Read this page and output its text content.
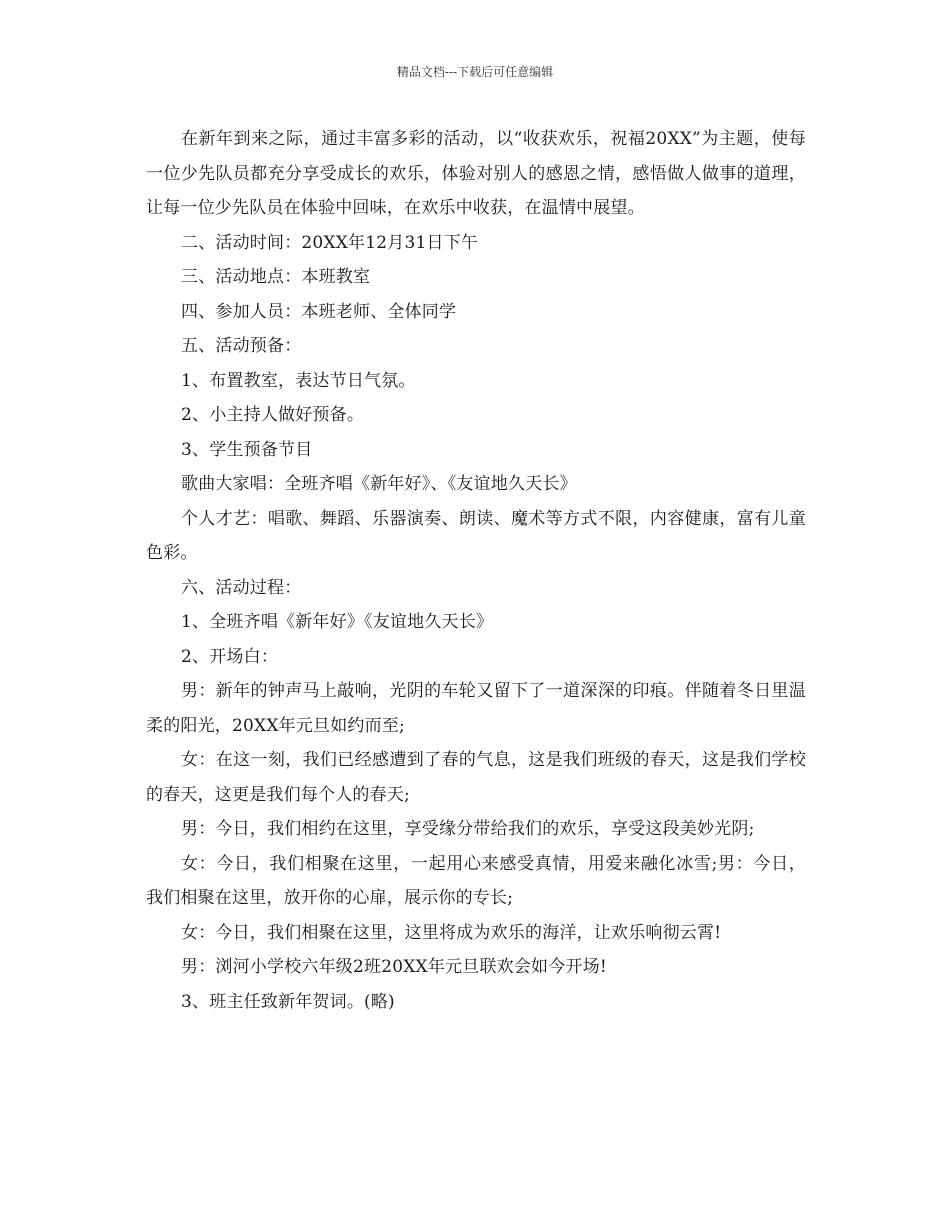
精品文档---下载后可任意编辑

在新年到来之际，通过丰富多彩的活动，以“收获欢乐，祝福20XX”为主题，使每一位少先队员都充分享受成长的欢乐，体验对别人的感恩之情，感悟做人做事的道理，让每一位少先队员在体验中回味，在欢乐中收获，在温情中展望。

二、活动时间：20XX年12月31日下午

三、活动地点：本班教室

四、参加人员：本班老师、全体同学

五、活动预备：

1、布置教室，表达节日气氛。

2、小主持人做好预备。

3、学生预备节目

歌曲大家唱：全班齐唱《新年好》、《友谊地久天长》

个人才艺：唱歌、舞蹈、乐器演奏、朗读、魔术等方式不限，内容健康，富有儿童色彩。

六、活动过程：

1、全班齐唱《新年好》《友谊地久天长》

2、开场白：

男：新年的钟声马上敲响，光阴的车轮又留下了一道深深的印痕。伴随着冬日里温柔的阳光，20XX年元旦如约而至;

女：在这一刻，我们已经感遭到了春的气息，这是我们班级的春天，这是我们学校的春天，这更是我们每个人的春天;

男：今日，我们相约在这里，享受缘分带给我们的欢乐，享受这段美妙光阴;

女：今日，我们相聚在这里，一起用心来感受真情，用爱来融化冰雪;男：今日，我们相聚在这里，放开你的心扉，展示你的专长;

女：今日，我们相聚在这里，这里将成为欢乐的海洋，让欢乐响彻云霄!

男：浏河小学校六年级2班20XX年元旦联欢会如今开场!

3、班主任致新年贺词。(略)
